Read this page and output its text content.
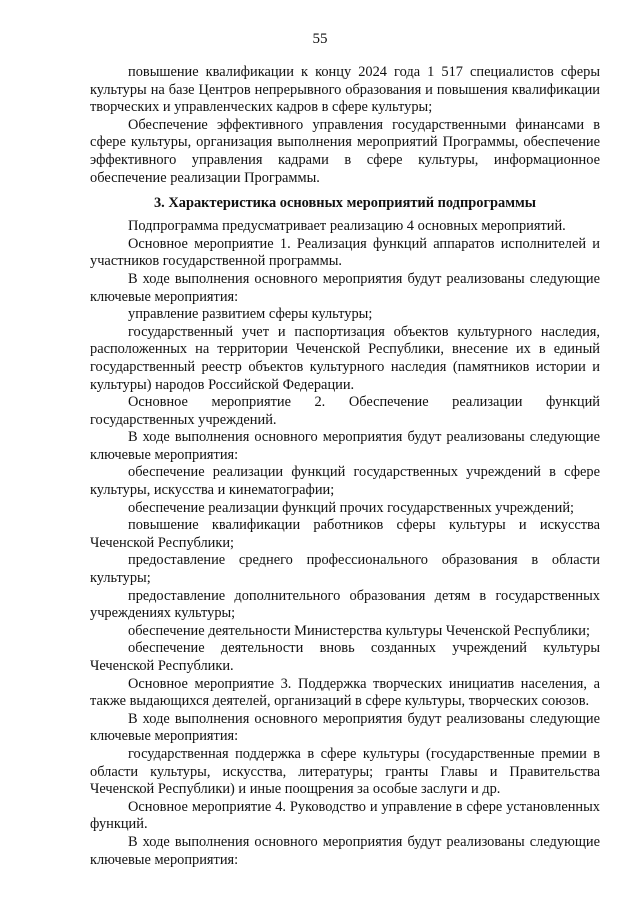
55

повышение квалификации к концу 2024 года 1 517 специалистов сферы культуры на базе Центров непрерывного образования и повышения квалификации творческих и управленческих кадров в сфере культуры;

Обеспечение эффективного управления государственными финансами в сфере культуры, организация выполнения мероприятий Программы, обеспечение эффективного управления кадрами в сфере культуры, информационное обеспечение реализации Программы.

3. Характеристика основных мероприятий подпрограммы

Подпрограмма предусматривает реализацию 4 основных мероприятий.

Основное мероприятие 1. Реализация функций аппаратов исполнителей и участников государственной программы.

В ходе выполнения основного мероприятия будут реализованы следующие ключевые мероприятия:

управление развитием сферы культуры;

государственный учет и паспортизация объектов культурного наследия, расположенных на территории Чеченской Республики, внесение их в единый государственный реестр объектов культурного наследия (памятников истории и культуры) народов Российской Федерации.

Основное мероприятие 2. Обеспечение реализации функций государственных учреждений.

В ходе выполнения основного мероприятия будут реализованы следующие ключевые мероприятия:

обеспечение реализации функций государственных учреждений в сфере культуры, искусства и кинематографии;

обеспечение реализации функций прочих государственных учреждений;

повышение квалификации работников сферы культуры и искусства Чеченской Республики;

предоставление среднего профессионального образования в области культуры;

предоставление дополнительного образования детям в государственных учреждениях культуры;

обеспечение деятельности Министерства культуры Чеченской Республики;

обеспечение деятельности вновь созданных учреждений культуры Чеченской Республики.

Основное мероприятие 3. Поддержка творческих инициатив населения, а также выдающихся деятелей, организаций в сфере культуры, творческих союзов.

В ходе выполнения основного мероприятия будут реализованы следующие ключевые мероприятия:

государственная поддержка в сфере культуры (государственные премии в области культуры, искусства, литературы; гранты Главы и Правительства Чеченской Республики) и иные поощрения за особые заслуги и др.

Основное мероприятие 4. Руководство и управление в сфере установленных функций.

В ходе выполнения основного мероприятия будут реализованы следующие ключевые мероприятия:
